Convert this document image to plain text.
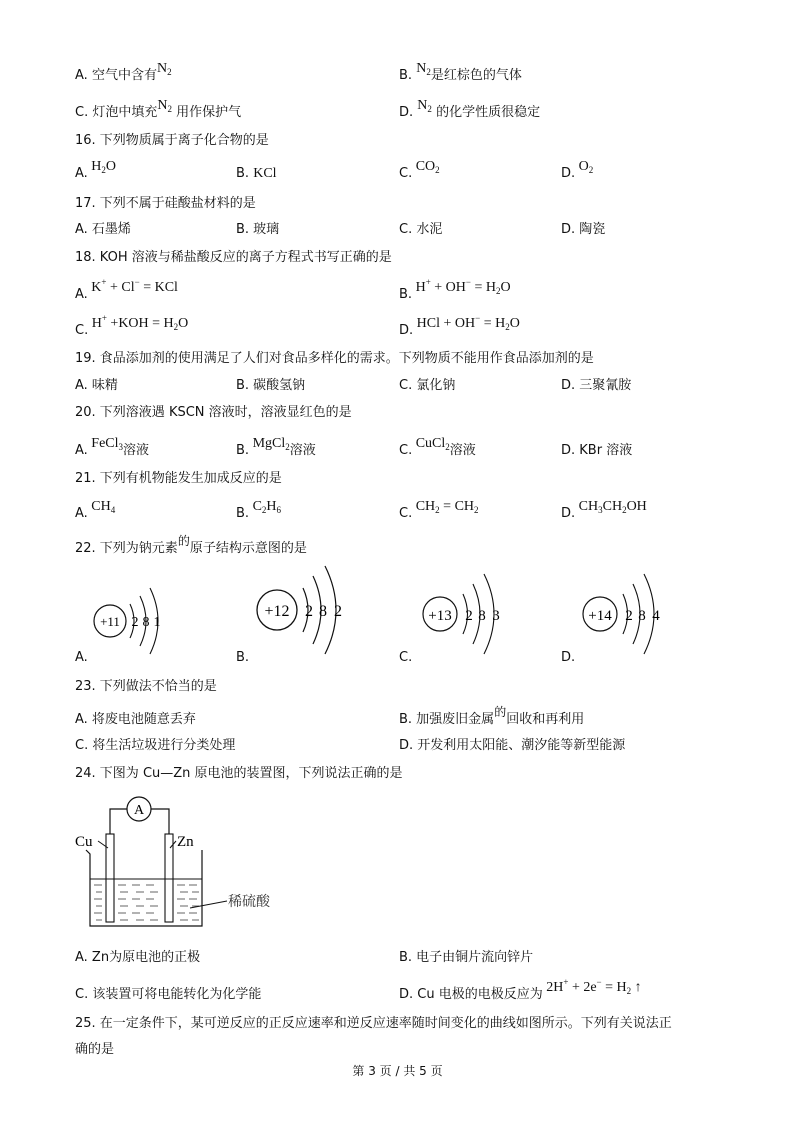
A. 空气中含有$N_2$	B. $N_2$是红棕色的气体
C. 灯泡中填充$N_2$ 用作保护气	D. $N_2$ 的化学性质很稳定
16. 下列物质属于离子化合物的是
A. $H_2O$	B. KCl	C. $CO_2$	D. $O_2$
17. 下列不属于硅酸盐材料的是
A. 石墨烯	B. 玻璃	C. 水泥	D. 陶瓷
18. KOH 溶液与稀盐酸反应的离子方程式书写正确的是
A. K+ + Cl− = KCl	B. $H^+ + OH^- = H_2O$
C. $H^+ +KOH = H_2O$	D. HCl + $OH^- = H_2O$
19. 食品添加剂的使用满足了人们对食品多样化的需求。下列物质不能用作食品添加剂的是
A. 味精	B. 碳酸氢钠	C. 氯化钠	D. 三聚氰胺
20. 下列溶液遇 KSCN 溶液时，溶液显红色的是
A. FeCl$_3$溶液	B. MgCl$_2$溶液	C. CuCl$_2$溶液	D. KBr 溶液
21. 下列有机物能发生加成反应的是
A. $CH_4$	B. $C_2H_6$	C. $CH_2 = CH_2$	D. $CH_3CH_2OH$
22. 下列为钠元素的原子结构示意图的是
+11 2 8 1
A.
+12 2 8 2
B.
+13 2 8 3
C.
+14 2 8 4
D.
23. 下列做法不恰当的是
A. 将废电池随意丢弃	B. 加强废旧金属的回收和再利用
C. 将生活垃圾进行分类处理	D. 开发利用太阳能、潮汐能等新型能源
24. 下图为 Cu—Zn 原电池的装置图，下列说法正确的是
A
Cu	Zn
稀硫酸
A. Zn为原电池的正极	B. 电子由铜片流向锌片
C. 该装置可将电能转化为化学能	D. Cu 电极的电极反应为 $2H^+ + 2e^- = H_2$ ↑
25. 在一定条件下，某可逆反应的正反应速率和逆反应速率随时间变化的曲线如图所示。下列有关说法正
确的是
第 3 页 / 共 5 页
